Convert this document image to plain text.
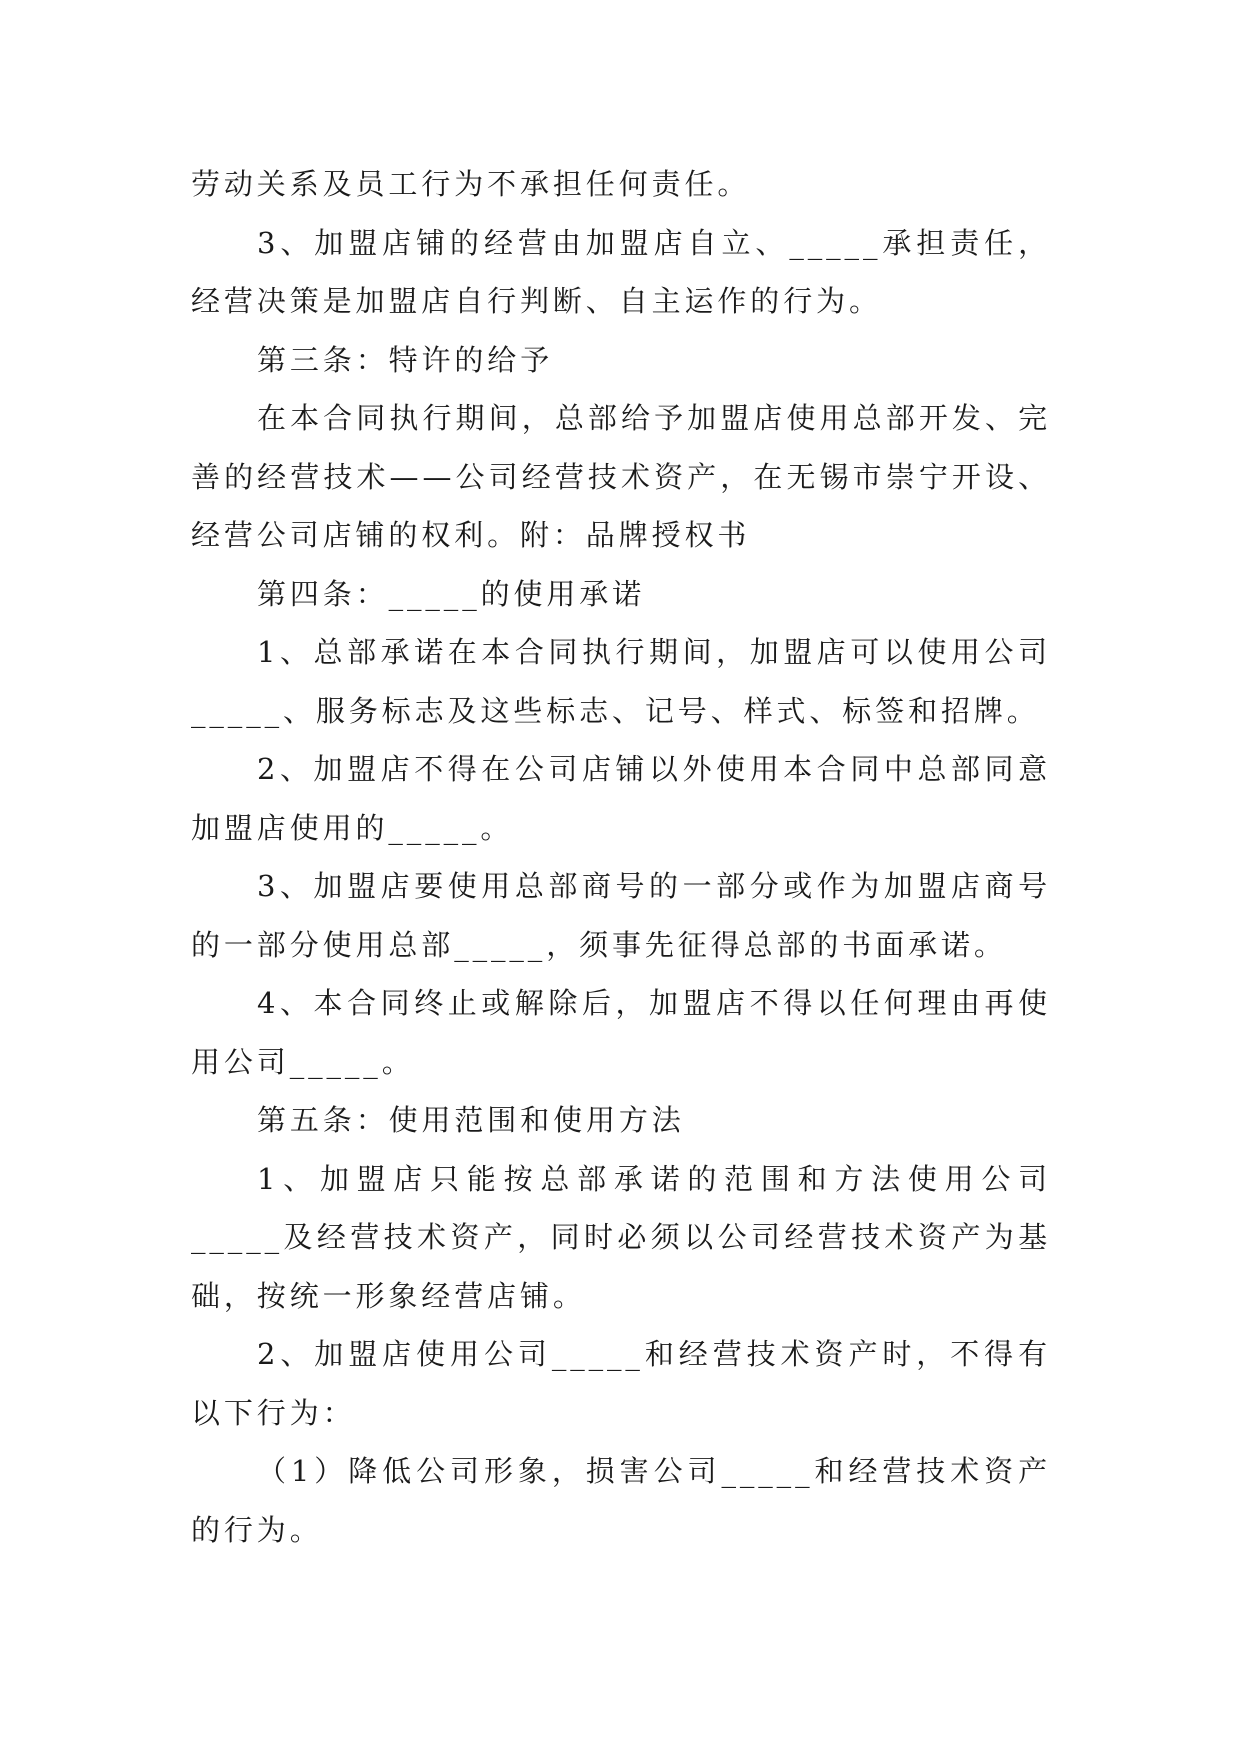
劳动关系及员工行为不承担任何责任。

3、加盟店铺的经营由加盟店自立、_____承担责任，经营决策是加盟店自行判断、自主运作的行为。

第三条：特许的给予

在本合同执行期间，总部给予加盟店使用总部开发、完善的经营技术——公司经营技术资产，在无锡市崇宁开设、经营公司店铺的权利。附：品牌授权书

第四条：_____的使用承诺

1、总部承诺在本合同执行期间，加盟店可以使用公司_____、服务标志及这些标志、记号、样式、标签和招牌。

2、加盟店不得在公司店铺以外使用本合同中总部同意加盟店使用的_____。

3、加盟店要使用总部商号的一部分或作为加盟店商号的一部分使用总部_____，须事先征得总部的书面承诺。

4、本合同终止或解除后，加盟店不得以任何理由再使用公司_____。

第五条：使用范围和使用方法

1、加盟店只能按总部承诺的范围和方法使用公司_____及经营技术资产，同时必须以公司经营技术资产为基础，按统一形象经营店铺。

2、加盟店使用公司_____和经营技术资产时，不得有以下行为：

（1）降低公司形象，损害公司_____和经营技术资产的行为。
